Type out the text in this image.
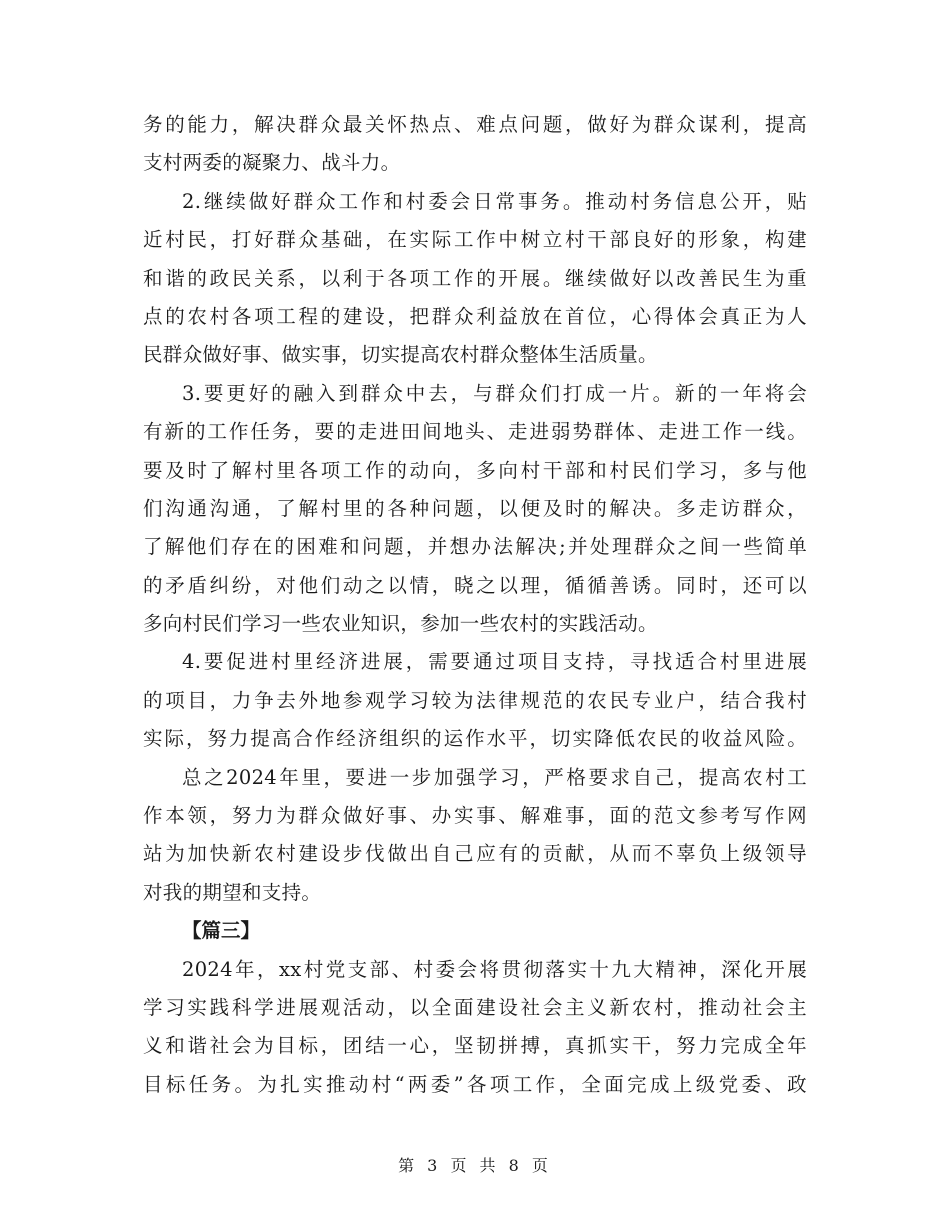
务的能力，解决群众最关怀热点、难点问题，做好为群众谋利，提高
支村两委的凝聚力、战斗力。
2.继续做好群众工作和村委会日常事务。推动村务信息公开，贴
近村民，打好群众基础，在实际工作中树立村干部良好的形象，构建
和谐的政民关系，以利于各项工作的开展。继续做好以改善民生为重
点的农村各项工程的建设，把群众利益放在首位，心得体会真正为人
民群众做好事、做实事，切实提高农村群众整体生活质量。
3.要更好的融入到群众中去，与群众们打成一片。新的一年将会
有新的工作任务，要的走进田间地头、走进弱势群体、走进工作一线。
要及时了解村里各项工作的动向，多向村干部和村民们学习，多与他
们沟通沟通，了解村里的各种问题，以便及时的解决。多走访群众，
了解他们存在的困难和问题，并想办法解决;并处理群众之间一些简单
的矛盾纠纷，对他们动之以情，晓之以理，循循善诱。同时，还可以
多向村民们学习一些农业知识，参加一些农村的实践活动。
4.要促进村里经济进展，需要通过项目支持，寻找适合村里进展
的项目，力争去外地参观学习较为法律规范的农民专业户，结合我村
实际，努力提高合作经济组织的运作水平，切实降低农民的收益风险。
总之2024年里，要进一步加强学习，严格要求自己，提高农村工
作本领，努力为群众做好事、办实事、解难事，面的范文参考写作网
站为加快新农村建设步伐做出自己应有的贡献，从而不辜负上级领导
对我的期望和支持。
【篇三】
2024年，xx村党支部、村委会将贯彻落实十九大精神，深化开展
学习实践科学进展观活动，以全面建设社会主义新农村，推动社会主
义和谐社会为目标，团结一心，坚韧拼搏，真抓实干，努力完成全年
目标任务。为扎实推动村“两委”各项工作，全面完成上级党委、政
第 3 页 共 8 页
